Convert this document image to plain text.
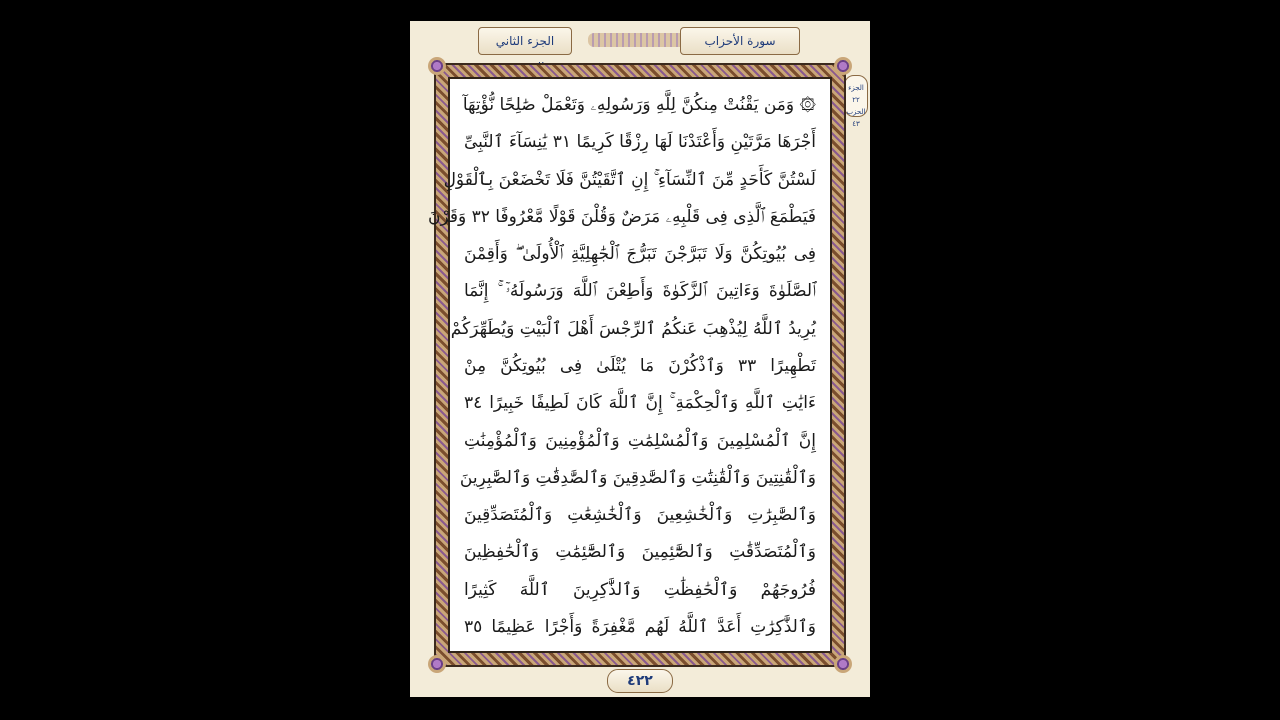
الجزء الثاني	سورة الأحزاب
الجزء ٢٢
الحزب ٤٣
۞ وَمَن يَقْنُتْ مِنكُنَّ لِلَّهِ وَرَسُولِهِۦ وَتَعْمَلْ صَٰلِحًا نُّؤْتِهَآ
أَجْرَهَا مَرَّتَيْنِ وَأَعْتَدْنَا لَهَا رِزْقًا كَرِيمًا ٣١ يَٰنِسَآءَ ٱلنَّبِىِّ
لَسْتُنَّ كَأَحَدٍ مِّنَ ٱلنِّسَآءِ ۚ إِنِ ٱتَّقَيْتُنَّ فَلَا تَخْضَعْنَ بِٱلْقَوْلِ
فَيَطْمَعَ ٱلَّذِى فِى قَلْبِهِۦ مَرَضٌ وَقُلْنَ قَوْلًا مَّعْرُوفًا ٣٢ وَقَرْنَ
فِى بُيُوتِكُنَّ وَلَا تَبَرَّجْنَ تَبَرُّجَ ٱلْجَٰهِلِيَّةِ ٱلْأُولَىٰ ۖ وَأَقِمْنَ
ٱلصَّلَوٰةَ وَءَاتِينَ ٱلزَّكَوٰةَ وَأَطِعْنَ ٱللَّهَ وَرَسُولَهُۥٓ ۚ إِنَّمَا
يُرِيدُ ٱللَّهُ لِيُذْهِبَ عَنكُمُ ٱلرِّجْسَ أَهْلَ ٱلْبَيْتِ وَيُطَهِّرَكُمْ
تَطْهِيرًا ٣٣ وَٱذْكُرْنَ مَا يُتْلَىٰ فِى بُيُوتِكُنَّ مِنْ
ءَايَٰتِ ٱللَّهِ وَٱلْحِكْمَةِ ۚ إِنَّ ٱللَّهَ كَانَ لَطِيفًا خَبِيرًا ٣٤
إِنَّ ٱلْمُسْلِمِينَ وَٱلْمُسْلِمَٰتِ وَٱلْمُؤْمِنِينَ وَٱلْمُؤْمِنَٰتِ
وَٱلْقَٰنِتِينَ وَٱلْقَٰنِتَٰتِ وَٱلصَّٰدِقِينَ وَٱلصَّٰدِقَٰتِ وَٱلصَّٰبِرِينَ
وَٱلصَّٰبِرَٰتِ وَٱلْخَٰشِعِينَ وَٱلْخَٰشِعَٰتِ وَٱلْمُتَصَدِّقِينَ
وَٱلْمُتَصَدِّقَٰتِ وَٱلصَّٰٓئِمِينَ وَٱلصَّٰٓئِمَٰتِ وَٱلْحَٰفِظِينَ
فُرُوجَهُمْ وَٱلْحَٰفِظَٰتِ وَٱلذَّٰكِرِينَ ٱللَّهَ كَثِيرًا
وَٱلذَّٰكِرَٰتِ أَعَدَّ ٱللَّهُ لَهُم مَّغْفِرَةً وَأَجْرًا عَظِيمًا ٣٥
٤٢٢
